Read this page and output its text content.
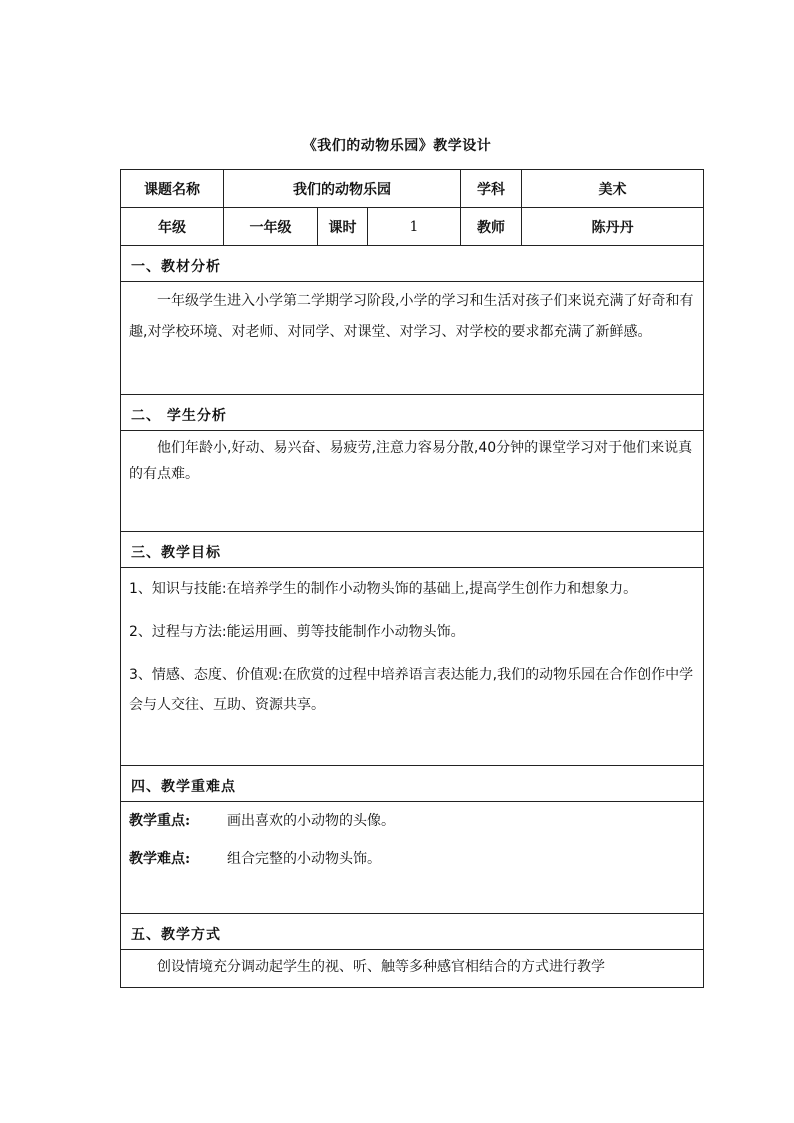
《我们的动物乐园》教学设计
课题名称	我们的动物乐园			学科	美术
年级	一年级	课时	1	教师	陈丹丹
一、教材分析					

一年级学生进入小学第二学期学习阶段,小学的学习和生活对孩子们来说充满了好奇和有趣,对学校环境、对老师、对同学、对课堂、对学习、对学校的要求都充满了新鲜感。					

二、 学生分析					

他们年龄小,好动、易兴奋、易疲劳,注意力容易分散,40分钟的课堂学习对于他们来说真的有点难。					

三、教学目标					

1、知识与技能:在培养学生的制作小动物头饰的基础上,提高学生创作力和想象力。

2、过程与方法:能运用画、剪等技能制作小动物头饰。

3、情感、态度、价值观:在欣赏的过程中培养语言表达能力,我们的动物乐园在合作创作中学会与人交往、互助、资源共享。					

四、教学重难点					

教学重点: 画出喜欢的小动物的头像。

教学难点: 组合完整的小动物头饰。					

五、教学方式					

创设情境充分调动起学生的视、听、触等多种感官相结合的方式进行教学					
